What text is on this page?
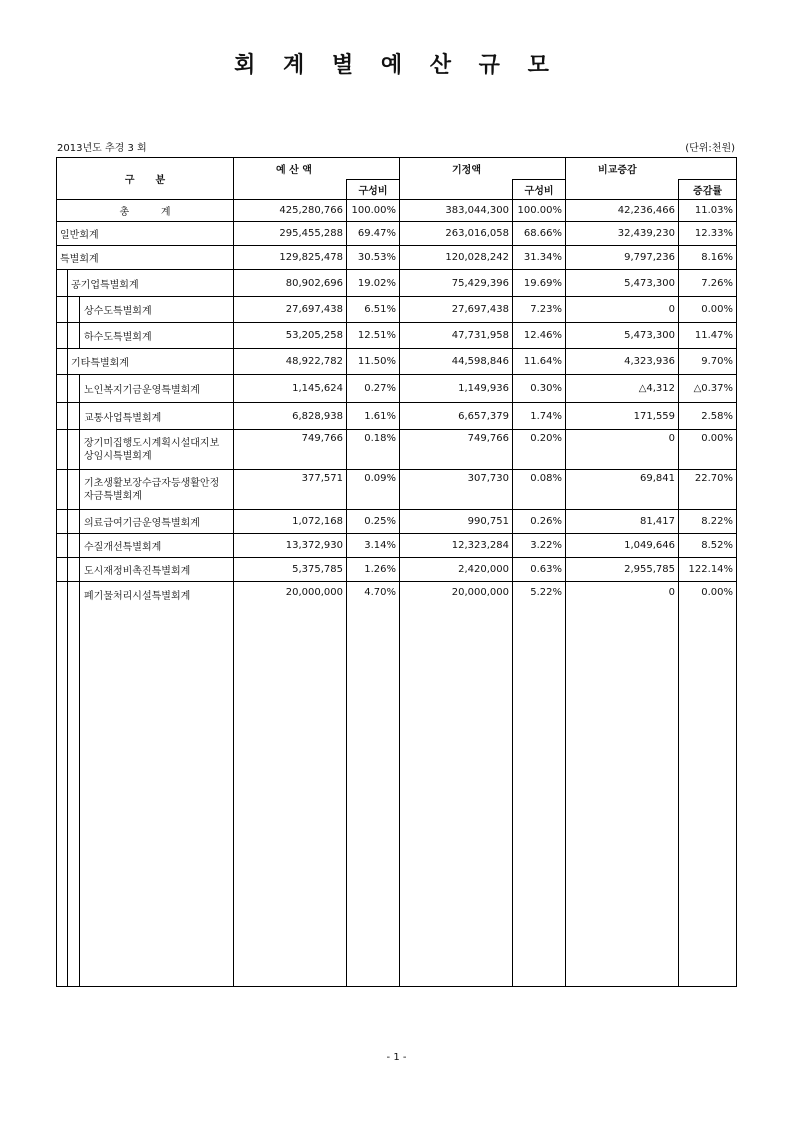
회 계 별 예 산 규 모
2013년도 추경 3 회	(단위:천원)
구      분	예 산 액		기정액		비교증감	
		구성비		구성비		증감률
총          계	425,280,766	100.00%	383,044,300	100.00%	42,236,466	11.03%
일반회계	295,455,288	69.47%	263,016,058	68.66%	32,439,230	12.33%
특별회계	129,825,478	30.53%	120,028,242	31.34%	9,797,236	8.16%

공기업특별회계	80,902,696	19.02%	75,429,396	19.69%	5,473,300	7.26%

상수도특별회계	27,697,438	6.51%	27,697,438	7.23%	0	0.00%

하수도특별회계	53,205,258	12.51%	47,731,958	12.46%	5,473,300	11.47%

기타특별회계	48,922,782	11.50%	44,598,846	11.64%	4,323,936	9.70%

노인복지기금운영특별회계	1,145,624	0.27%	1,149,936	0.30%	△4,312	△0.37%

교통사업특별회계	6,828,938	1.61%	6,657,379	1.74%	171,559	2.58%

장기미집행도시계획시설대지보상임시특별회계	749,766	0.18%	749,766	0.20%	0	0.00%

기초생활보장수급자등생활안정자금특별회계	377,571	0.09%	307,730	0.08%	69,841	22.70%

의료급여기금운영특별회계	1,072,168	0.25%	990,751	0.26%	81,417	8.22%

수질개선특별회계	13,372,930	3.14%	12,323,284	3.22%	1,049,646	8.52%

도시재정비촉진특별회계	5,375,785	1.26%	2,420,000	0.63%	2,955,785	122.14%

폐기물처리시설특별회계	20,000,000	4.70%	20,000,000	5.22%	0	0.00%
- 1 -
